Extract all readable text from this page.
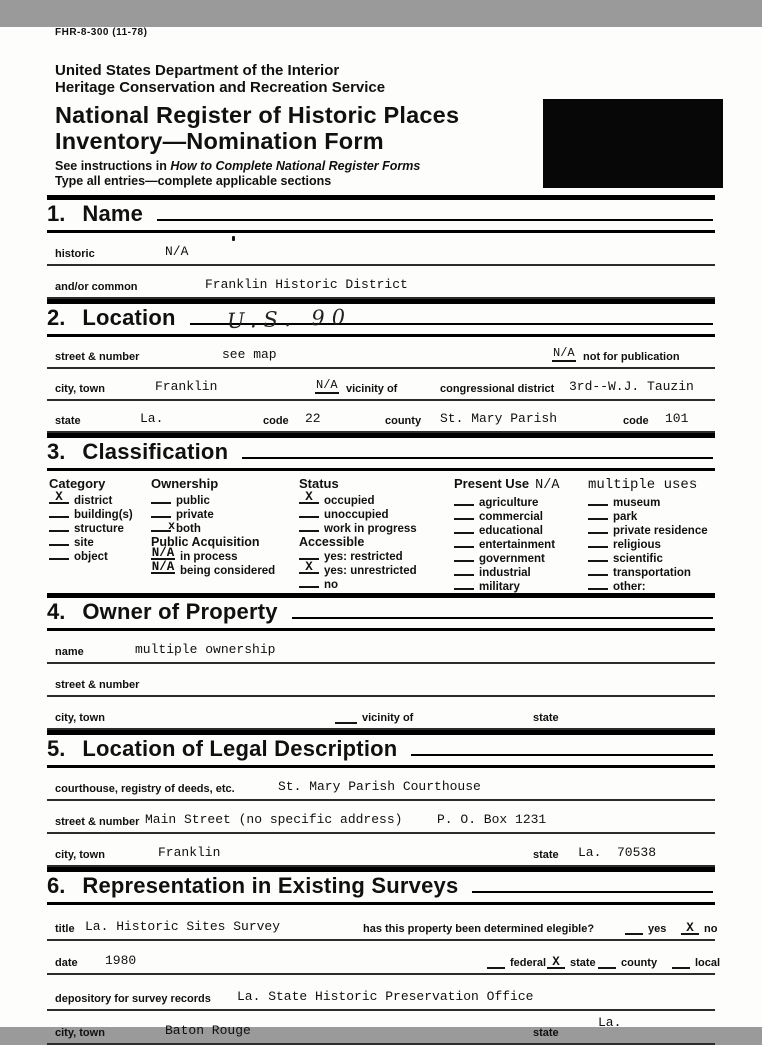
FHR-8-300 (11-78)
United States Department of the Interior
Heritage Conservation and Recreation Service
National Register of Historic Places
Inventory—Nomination Form
See instructions in How to Complete National Register Forms
Type all entries—complete applicable sections
1. Name
historic	N/A
and/or common	Franklin Historic District
2. Location U.S. 90
street & number	see map	N/A not for publication
city, town	Franklin	N/A vicinity of	congressional district 3rd--W.J. Tauzin
state	La.	code 22	county St. Mary Parish	code 101
3. Classification
Category
X district
building(s)
structure
site
object
Ownership
public
private
x both
Public Acquisition
N/A in process
N/A being considered
Status
X occupied
unoccupied
work in progress
Accessible
yes: restricted
X yes: unrestricted
no
Present Use N/A
agriculture
commercial
educational
entertainment
government
industrial
military
multiple uses
museum
park
private residence
religious
scientific
transportation
other:
4. Owner of Property
name	multiple ownership
street & number
city, town	vicinity of	state
5. Location of Legal Description
courthouse, registry of deeds, etc.	St. Mary Parish Courthouse
street & number Main Street (no specific address)	P. O. Box 1231
city, town	Franklin	state La.  70538
6. Representation in Existing Surveys
title La. Historic Sites Survey	has this property been determined elegible?	yes	X no
date 1980	federal X state county	local
depository for survey records La. State Historic Preservation Office
city, town	Baton Rouge	state
La.
